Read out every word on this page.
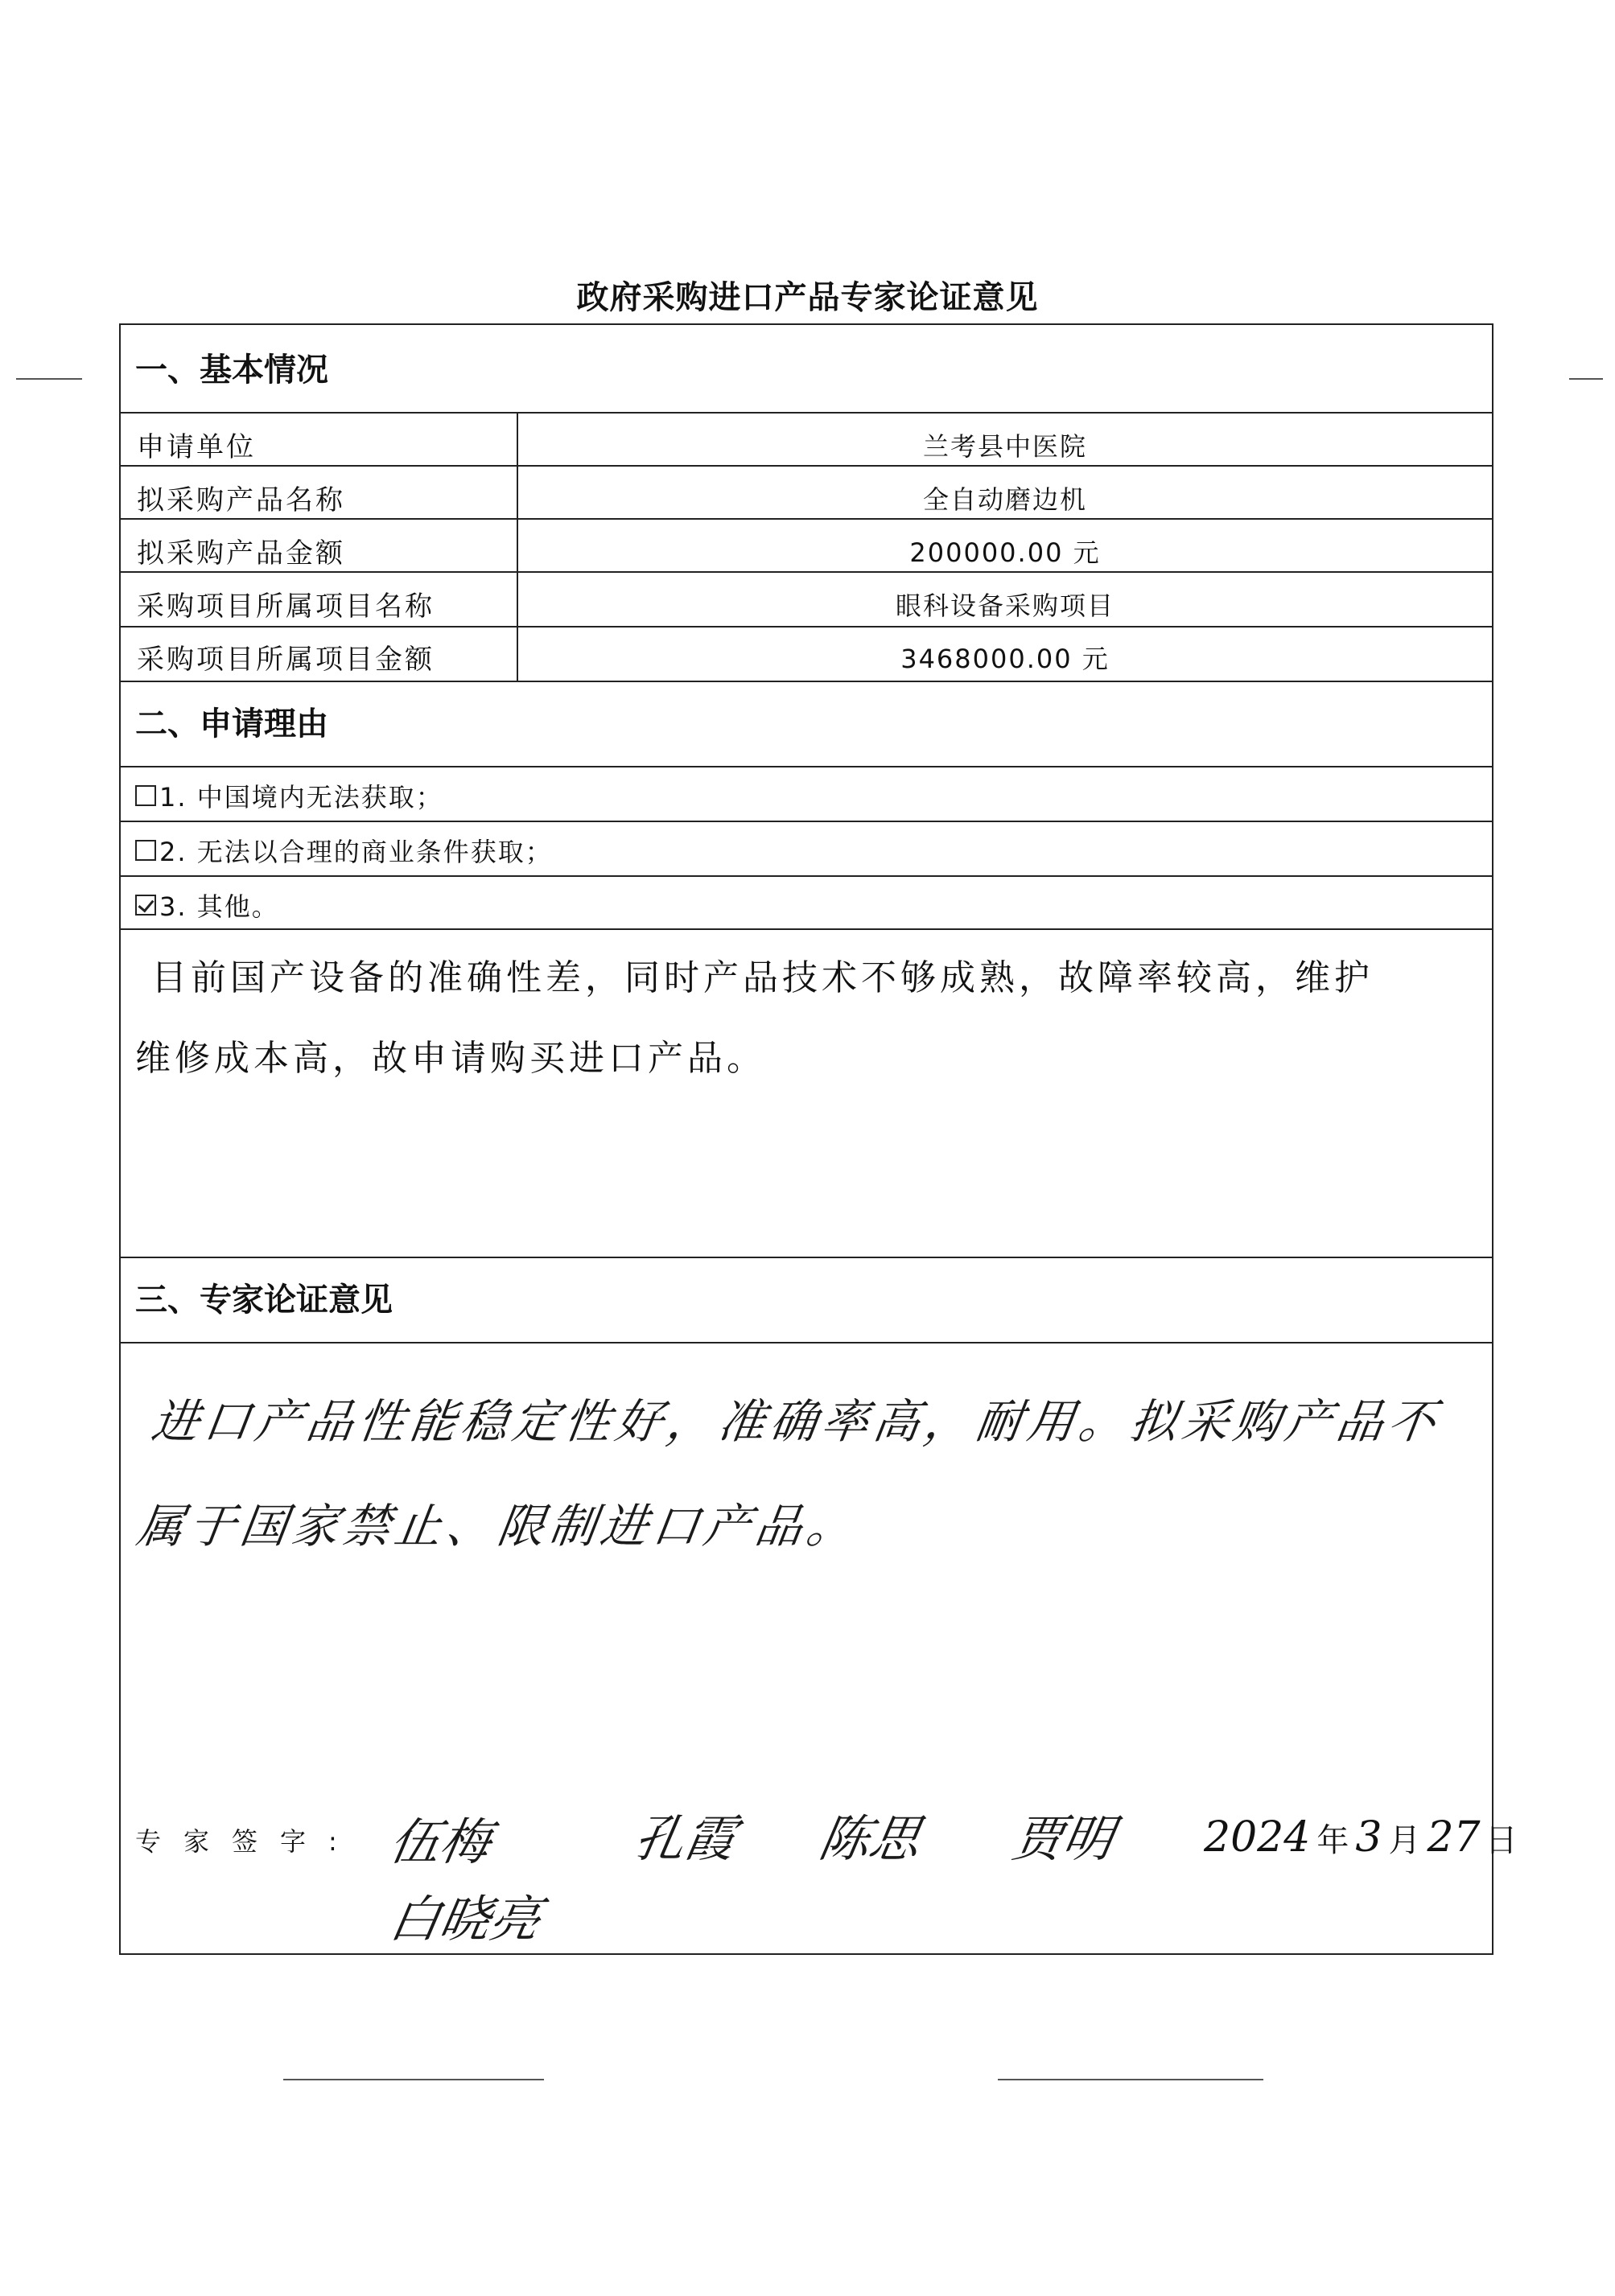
政府采购进口产品专家论证意见
一、基本情况
申请单位	兰考县中医院
拟采购产品名称	全自动磨边机
拟采购产品金额	200000.00 元
采购项目所属项目名称	眼科设备采购项目
采购项目所属项目金额	3468000.00 元
二、申请理由
1. 中国境内无法获取；
2. 无法以合理的商业条件获取；
3. 其他。
目前国产设备的准确性差，同时产品技术不够成熟，故障率较高，维护
维修成本高，故申请购买进口产品。
三、专家论证意见
进口产品性能稳定性好，准确率高，耐用。拟采购产品不属于国家禁止、限制进口产品。
专家签字: 伍梅	孔霞 陈思 贾明
白晓亮
2024 年 3 月 27 日
